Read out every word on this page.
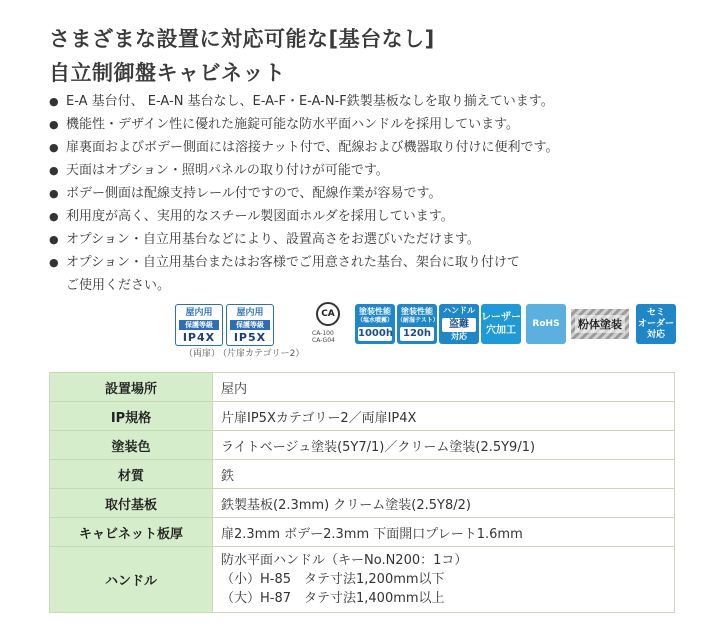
さまざまな設置に対応可能な[基台なし]
自立制御盤キャビネット
● E-A 基台付、 E-A-N 基台なし、E-A-F・E-A-N-F鉄製基板なしを取り揃えています。
● 機能性・デザイン性に優れた施錠可能な防水平面ハンドルを採用しています。
● 扉裏面およびボデー側面には溶接ナット付で、配線および機器取り付けに便利です。
● 天面はオプション・照明パネルの取り付けが可能です。
● ボデー側面は配線支持レール付ですので、配線作業が容易です。
● 利用度が高く、実用的なスチール製図面ホルダを採用しています。
● オプション・自立用基台などにより、設置高さをお選びいただけます。
● オプション・自立用基台またはお客様でご用意された基台、架台に取り付けて
ご使用ください。
屋内用
保護等級
IP4X
屋内用
保護等級
IP5X
（両扉）
（片扉カテゴリー2）
CA
CA-100
CA-G04
塗装性能
（塩水噴霧）
1000h
塗装性能
（耐湿テスト）
120h
ハンドル
盗難
対応
レーザー
穴加工
RoHS	粉体塗装
セミ
オーダー
対応
設置場所	屋内
IP規格	片扉IP5Xカテゴリー2／両扉IP4X
塗装色	ライトベージュ塗装(5Y7/1)／クリーム塗装(2.5Y9/1)
材質	鉄
取付基板	鉄製基板(2.3mm) クリーム塗装(2.5Y8/2)
キャビネット板厚	扉2.3mm ボデー2.3mm 下面開口プレート1.6mm
ハンドル	防水平面ハンドル（キーNo.N200：1コ）
（小）H-85　タテ寸法1,200mm以下
（大）H-87　タテ寸法1,400mm以上
